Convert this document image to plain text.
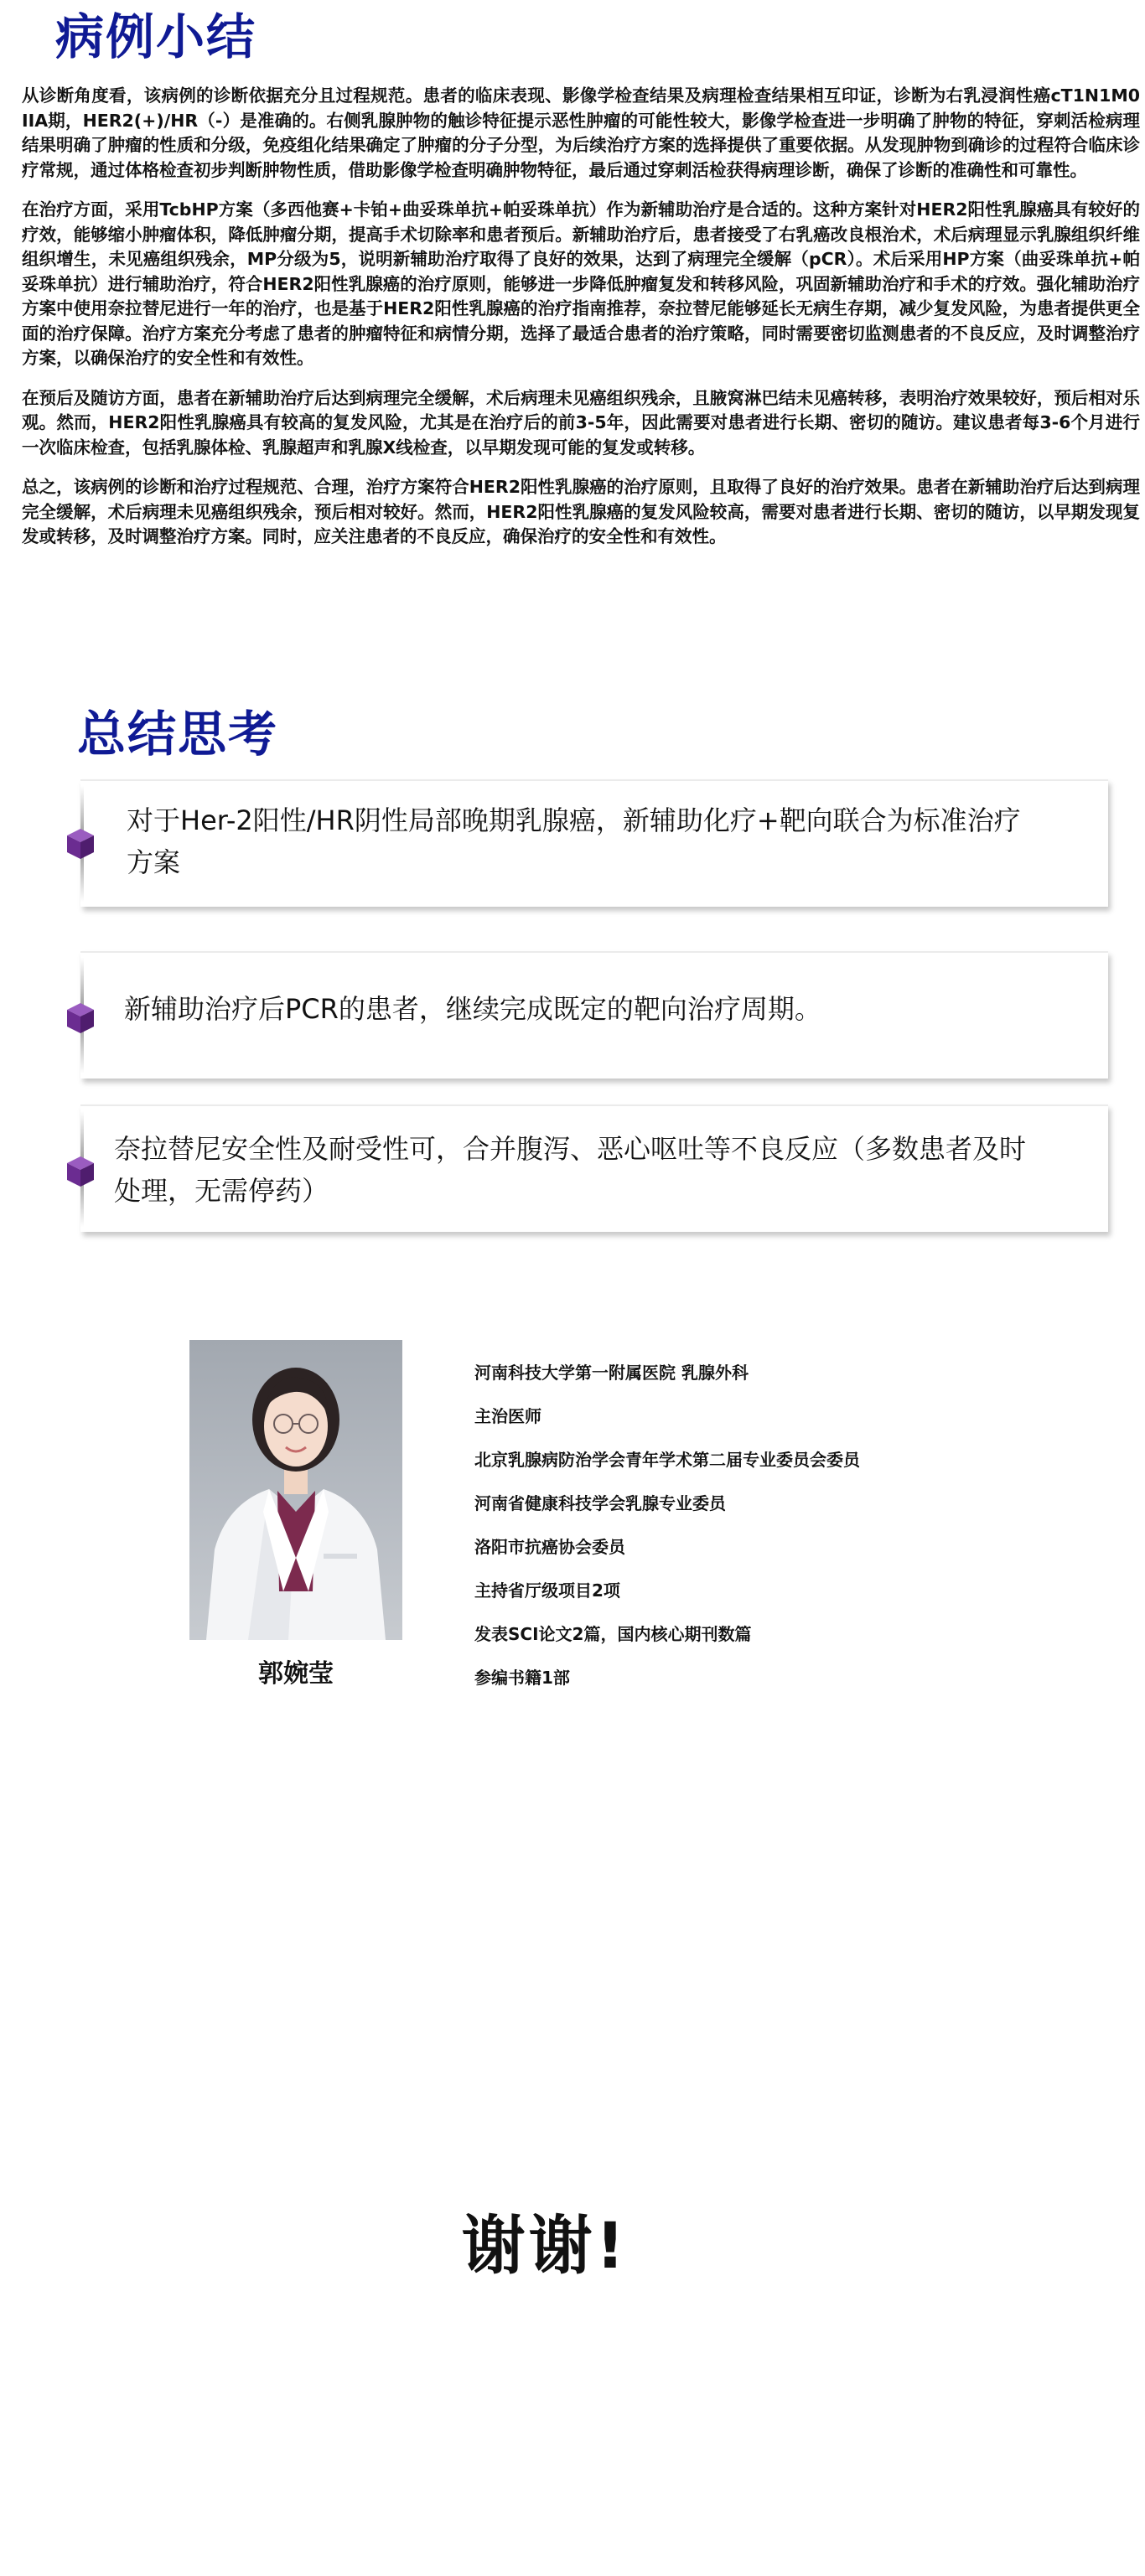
病例小结

从诊断角度看，该病例的诊断依据充分且过程规范。患者的临床表现、影像学检查结果及病理检查结果相互印证，诊断为右乳浸润性癌cT1N1M0 IIA期，HER2(+)/HR（-）是准确的。右侧乳腺肿物的触诊特征提示恶性肿瘤的可能性较大，影像学检查进一步明确了肿物的特征，穿刺活检病理结果明确了肿瘤的性质和分级，免疫组化结果确定了肿瘤的分子分型，为后续治疗方案的选择提供了重要依据。从发现肿物到确诊的过程符合临床诊疗常规，通过体格检查初步判断肿物性质，借助影像学检查明确肿物特征，最后通过穿刺活检获得病理诊断，确保了诊断的准确性和可靠性。

在治疗方面，采用TcbHP方案（多西他赛+卡铂+曲妥珠单抗+帕妥珠单抗）作为新辅助治疗是合适的。这种方案针对HER2阳性乳腺癌具有较好的疗效，能够缩小肿瘤体积，降低肿瘤分期，提高手术切除率和患者预后。新辅助治疗后，患者接受了右乳癌改良根治术，术后病理显示乳腺组织纤维组织增生，未见癌组织残余，MP分级为5，说明新辅助治疗取得了良好的效果，达到了病理完全缓解（pCR）。术后采用HP方案（曲妥珠单抗+帕妥珠单抗）进行辅助治疗，符合HER2阳性乳腺癌的治疗原则，能够进一步降低肿瘤复发和转移风险，巩固新辅助治疗和手术的疗效。强化辅助治疗方案中使用奈拉替尼进行一年的治疗，也是基于HER2阳性乳腺癌的治疗指南推荐，奈拉替尼能够延长无病生存期，减少复发风险，为患者提供更全面的治疗保障。治疗方案充分考虑了患者的肿瘤特征和病情分期，选择了最适合患者的治疗策略，同时需要密切监测患者的不良反应，及时调整治疗方案，以确保治疗的安全性和有效性。

在预后及随访方面，患者在新辅助治疗后达到病理完全缓解，术后病理未见癌组织残余，且腋窝淋巴结未见癌转移，表明治疗效果较好，预后相对乐观。然而，HER2阳性乳腺癌具有较高的复发风险，尤其是在治疗后的前3-5年，因此需要对患者进行长期、密切的随访。建议患者每3-6个月进行一次临床检查，包括乳腺体检、乳腺超声和乳腺X线检查，以早期发现可能的复发或转移。

总之，该病例的诊断和治疗过程规范、合理，治疗方案符合HER2阳性乳腺癌的治疗原则，且取得了良好的治疗效果。患者在新辅助治疗后达到病理完全缓解，术后病理未见癌组织残余，预后相对较好。然而，HER2阳性乳腺癌的复发风险较高，需要对患者进行长期、密切的随访，以早期发现复发或转移，及时调整治疗方案。同时，应关注患者的不良反应，确保治疗的安全性和有效性。

总结思考
对于Her-2阳性/HR阴性局部晚期乳腺癌，新辅助化疗+靶向联合为标准治疗方案
新辅助治疗后PCR的患者，继续完成既定的靶向治疗周期。
奈拉替尼安全性及耐受性可，合并腹泻、恶心呕吐等不良反应（多数患者及时处理，无需停药）
郭婉莹
河南科技大学第一附属医院 乳腺外科
主治医师
北京乳腺病防治学会青年学术第二届专业委员会委员
河南省健康科技学会乳腺专业委员
洛阳市抗癌协会委员
主持省厅级项目2项
发表SCI论文2篇，国内核心期刊数篇
参编书籍1部
谢谢!
